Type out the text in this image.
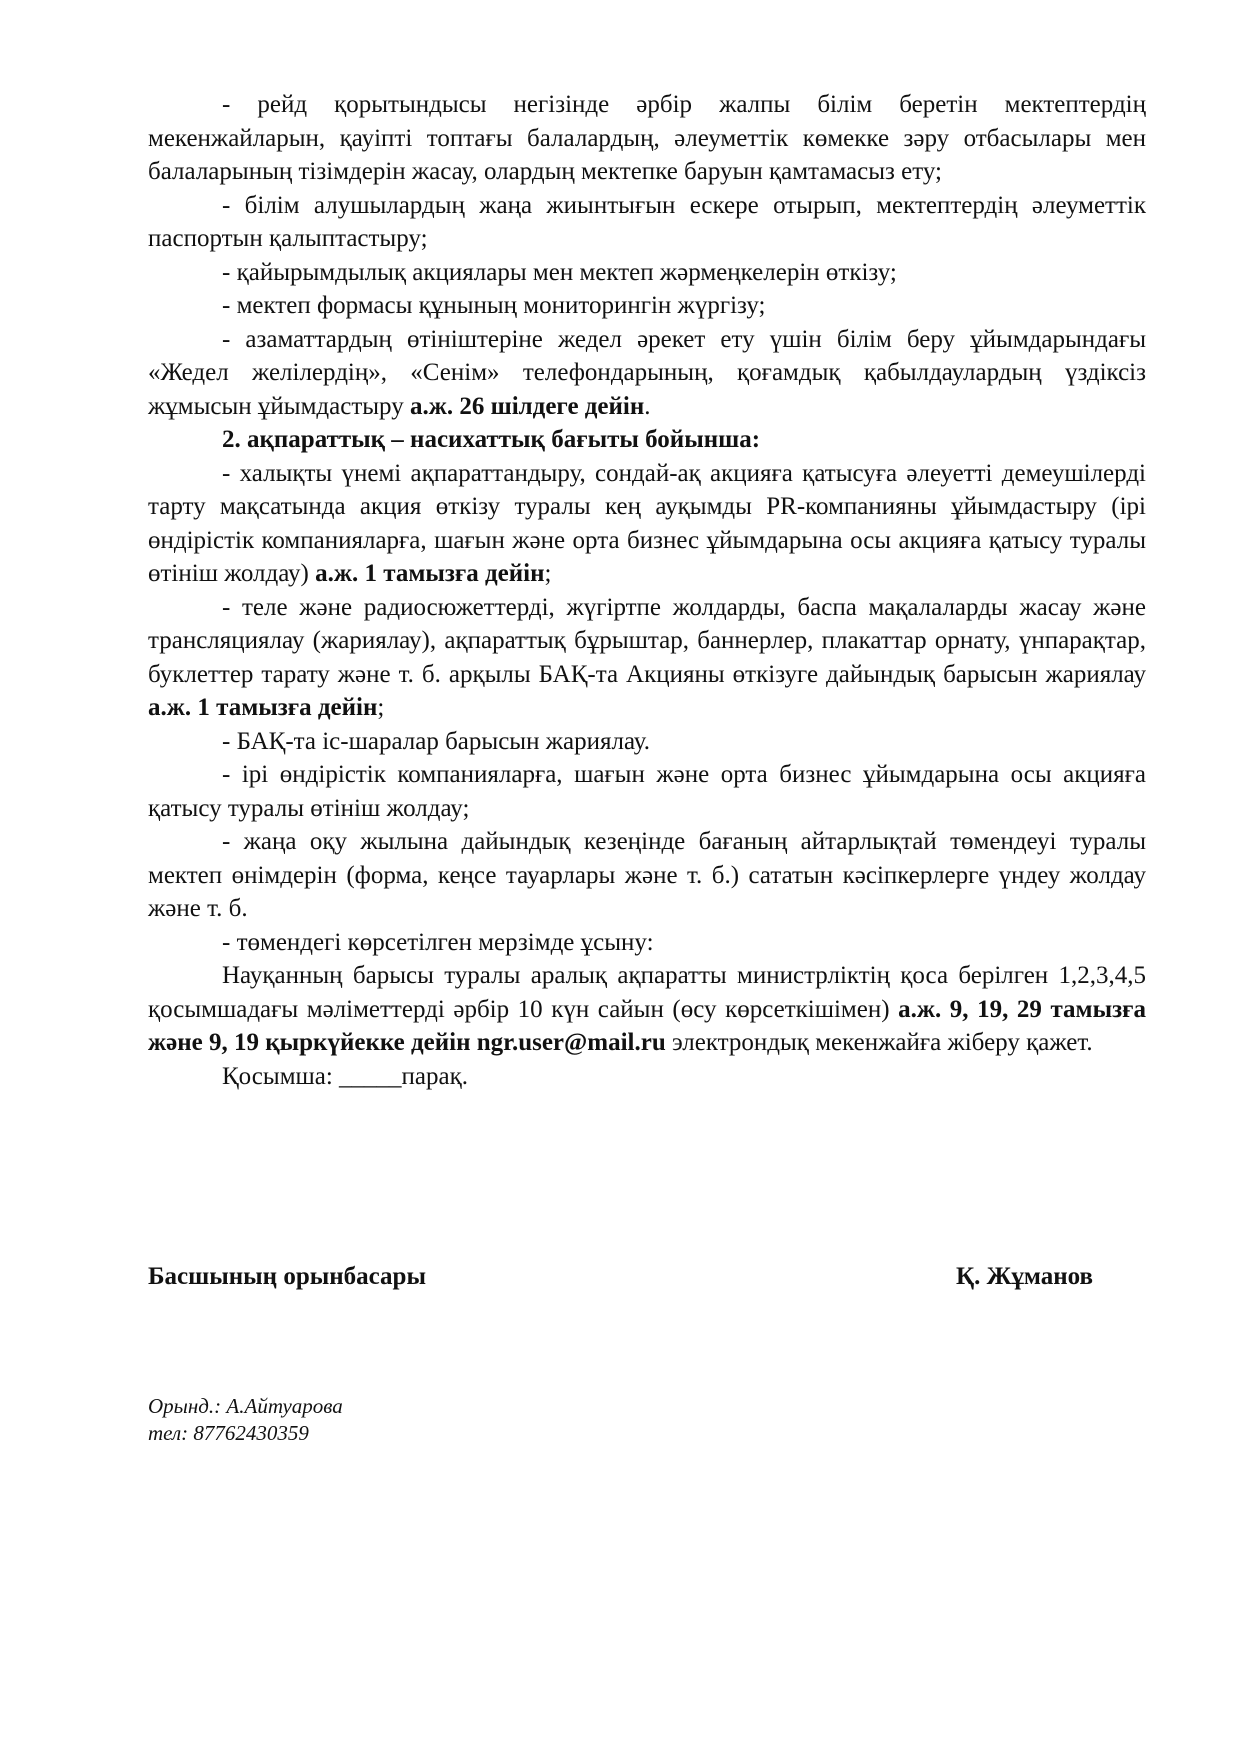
- рейд қорытындысы негізінде әрбір жалпы білім беретін мектептердің мекенжайларын, қауіпті топтағы балалардың, әлеуметтік көмекке зәру отбасылары мен балаларының тізімдерін жасау, олардың мектепке баруын қамтамасыз ету;

- білім алушылардың жаңа жиынтығын ескере отырып, мектептердің әлеуметтік паспортын қалыптастыру;

- қайырымдылық акциялары мен мектеп жәрмеңкелерін өткізу;

- мектеп формасы құнының мониторингін жүргізу;

- азаматтардың өтініштеріне жедел әрекет ету үшін білім беру ұйымдарындағы «Жедел желілердің», «Сенім» телефондарының, қоғамдық қабылдаулардың үздіксіз жұмысын ұйымдастыру а.ж. 26 шілдеге дейін.

2. ақпараттық – насихаттық бағыты бойынша:

- халықты үнемі ақпараттандыру, сондай-ақ акцияға қатысуға әлеуетті демеушілерді тарту мақсатында акция өткізу туралы кең ауқымды PR-компанияны ұйымдастыру (ірі өндірістік компанияларға, шағын және орта бизнес ұйымдарына осы акцияға қатысу туралы өтініш жолдау) а.ж. 1 тамызға дейін;

- теле және радиосюжеттерді, жүгіртпе жолдарды, баспа мақалаларды жасау және трансляциялау (жариялау), ақпараттық бұрыштар, баннерлер, плакаттар орнату, үнпарақтар, буклеттер тарату және т. б. арқылы БАҚ-та Акцияны өткізуге дайындық барысын жариялау а.ж. 1 тамызға дейін;

- БАҚ-та іс-шаралар барысын жариялау.

- ірі өндірістік компанияларға, шағын және орта бизнес ұйымдарына осы акцияға қатысу туралы өтініш жолдау;

- жаңа оқу жылына дайындық кезеңінде бағаның айтарлықтай төмендеуі туралы мектеп өнімдерін (форма, кеңсе тауарлары және т. б.) сататын кәсіпкерлерге үндеу жолдау және т. б.

- төмендегі көрсетілген мерзімде ұсыну:

Науқанның барысы туралы аралық ақпаратты министрліктің қоса берілген 1,2,3,4,5 қосымшадағы мәліметтерді әрбір 10 күн сайын (өсу көрсеткішімен) а.ж. 9, 19, 29 тамызға және 9, 19 қыркүйекке дейін ngr.user@mail.ru электрондық мекенжайға жіберу қажет.

Қосымша: _____парақ.

Басшының орынбасары	Қ. Жұманов
Орынд.: А.Айтуарова
тел: 87762430359
